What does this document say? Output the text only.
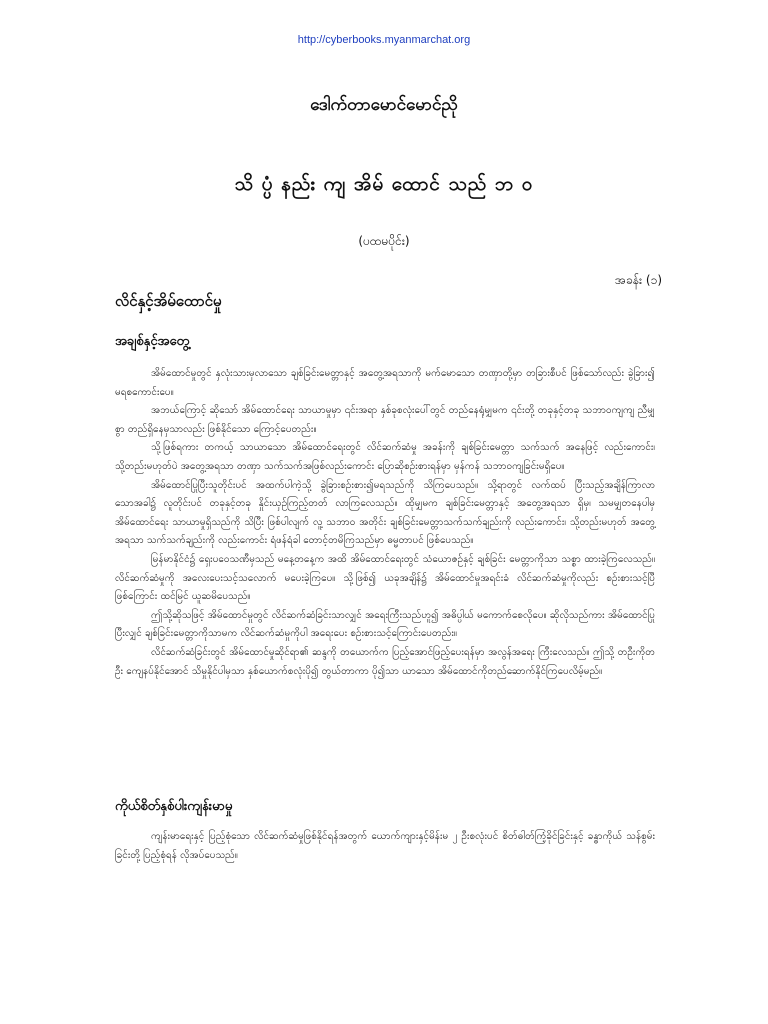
http://cyberbooks.myanmarchat.org
ဒေါက်တာမောင်မောင်ညို
သိ ပ္ပံ နည်း ကျ အိမ် ထောင် သည် ဘ ဝ
(ပထမပိုင်း)
အခန်း (၁)
လိင်နှင့်အိမ်ထောင်မှု
အချစ်နှင့်အတွေ့

အိမ်ထောင်မှုတွင် နှလုံးသားမှလာသော ချစ်ခြင်းမေတ္တာနှင့် အတွေ့အရသာကို မက်မောသော တဏှာတို့မှာ တခြားစီပင် ဖြစ်သော်လည်း ခွဲခြား၍ မရစကောင်းပေ။

အဘယ်ကြောင့် ဆိုသော် အိမ်ထောင်ရေး သာယာမှုမှာ ၎င်းအရာ နှစ်ခုစလုံးပေါ်တွင် တည်နေရုံမျှမက ၎င်းတို့ တခုနှင့်တခု သဘာဝကျကျ ညီမျှစွာ တည်ရှိနေမှသာလည်း ဖြစ်နိုင်သော ကြောင့်ပေတည်း။

သို့ဖြစ်ရကား တကယ့် သာယာသော အိမ်ထောင်ရေးတွင် လိင်ဆက်ဆံမှု အခန်းကို ချစ်ခြင်းမေတ္တာ သက်သက် အနေဖြင့် လည်းကောင်း၊ သို့တည်းမဟုတ်ပဲ အတွေ့အရသာ တဏှာ သက်သက်အဖြစ်လည်းကောင်း ပြောဆိုစဉ်းစားရန်မှာ မှန်ကန် သဘာဝကျခြင်းမရှိပေ။

အိမ်ထောင်ပြုပြီးသူတိုင်းပင် အထက်ပါကဲ့သို့ ခွဲခြားစဉ်းစား၍မရသည်ကို သိကြပေသည်။ သို့ရာတွင် လက်ထပ် ပြီးသည့်အချိန်ကြာလာသောအခါ၌ လူတိုင်းပင် တခုနှင့်တခု နှိုင်းယှဉ်ကြည့်တတ် လာကြလေသည်။ ထိုမျှမက ချစ်ခြင်းမေတ္တာနှင့် အတွေ့အရသာ ရှိမှ၊ သမမျှတနေပါမှ အိမ်ထောင်ရေး သာယာမှုရှိသည်ကို သိပြီး ဖြစ်ပါလျက် လူ့ သဘာဝ အတိုင်း ချစ်ခြင်းမေတ္တာသက်သက်ချည်းကို လည်းကောင်း၊ သို့တည်းမဟုတ် အတွေ့ အရသာ သက်သက်ချည်းကို လည်းကောင်း ရံဖန်ရံခါ တောင့်တမိကြသည်မှာ ဓမ္မတာပင် ဖြစ်ပေသည်။

မြန်မာနိုင်ငံ၌ ရှေးပဝေသဏီမှသည် မနေ့တနေ့က အထိ အိမ်ထောင်ရေးတွင် သံယောဇဉ်နှင့် ချစ်ခြင်း မေတ္တာကိုသာ သစ္စာ ထားခဲ့ကြလေသည်။ လိင်ဆက်ဆံမှုကို အလေးပေးသင့်သလောက် မပေးခဲ့ကြပေ။ သို့ဖြစ်၍ ယခုအချိန်၌ အိမ်ထောင်မှုအရင်းခံ လိင်ဆက်ဆံမှုကိုလည်း စဉ်းစားသင့်ပြီဖြစ်ကြောင်း ထင်မြင် ယူဆမိပေသည်။

ဤသို့ဆိုသဖြင့် အိမ်ထောင်မှုတွင် လိင်ဆက်ဆံခြင်းသာလျှင် အရေးကြီးသည်ဟူ၍ အဓိပ္ပါယ် မကောက်စေလိုပေ။ ဆိုလိုသည်ကား အိမ်ထောင်ပြုပြီးလျှင် ချစ်ခြင်းမေတ္တာကိုသာမက လိင်ဆက်ဆံမှုကိုပါ အရေးပေး စဉ်းစားသင့်ကြောင်းပေတည်း။

လိင်ဆက်ဆံခြင်းတွင် အိမ်ထောင်မှုဆိုင်ရာ၏ ဆန္ဒကို တယောက်က ပြည့်အောင်ဖြည့်ပေးရန်မှာ အလွန်အရေး ကြီးလေသည်။ ဤသို့ တဦးကိုတဦး ကျေနပ်နိုင်အောင် သိမှုနိုင်ပါမှသာ နှစ်ယောက်စလုံးပို၍ တွယ်တာကာ ပို၍သာ ယာသော အိမ်ထောင်ကိုတည်ဆောက်နိုင်ကြပေလိမ့်မည်။

ကိုယ်စိတ်နှစ်ပါးကျန်းမာမှု

ကျန်းမာရေးနှင့် ပြည့်စုံသော လိင်ဆက်ဆံမှုဖြစ်နိုင်ရန်အတွက် ယောက်ကျားနှင့်မိန်းမ ၂ ဦးစလုံးပင် စိတ်ဓါတ်ကြံ့ခိုင်ခြင်းနှင့် ခန္ဓာကိုယ် သန်စွမ်းခြင်းတို့ ပြည့်စုံရန် လိုအပ်ပေသည်။
